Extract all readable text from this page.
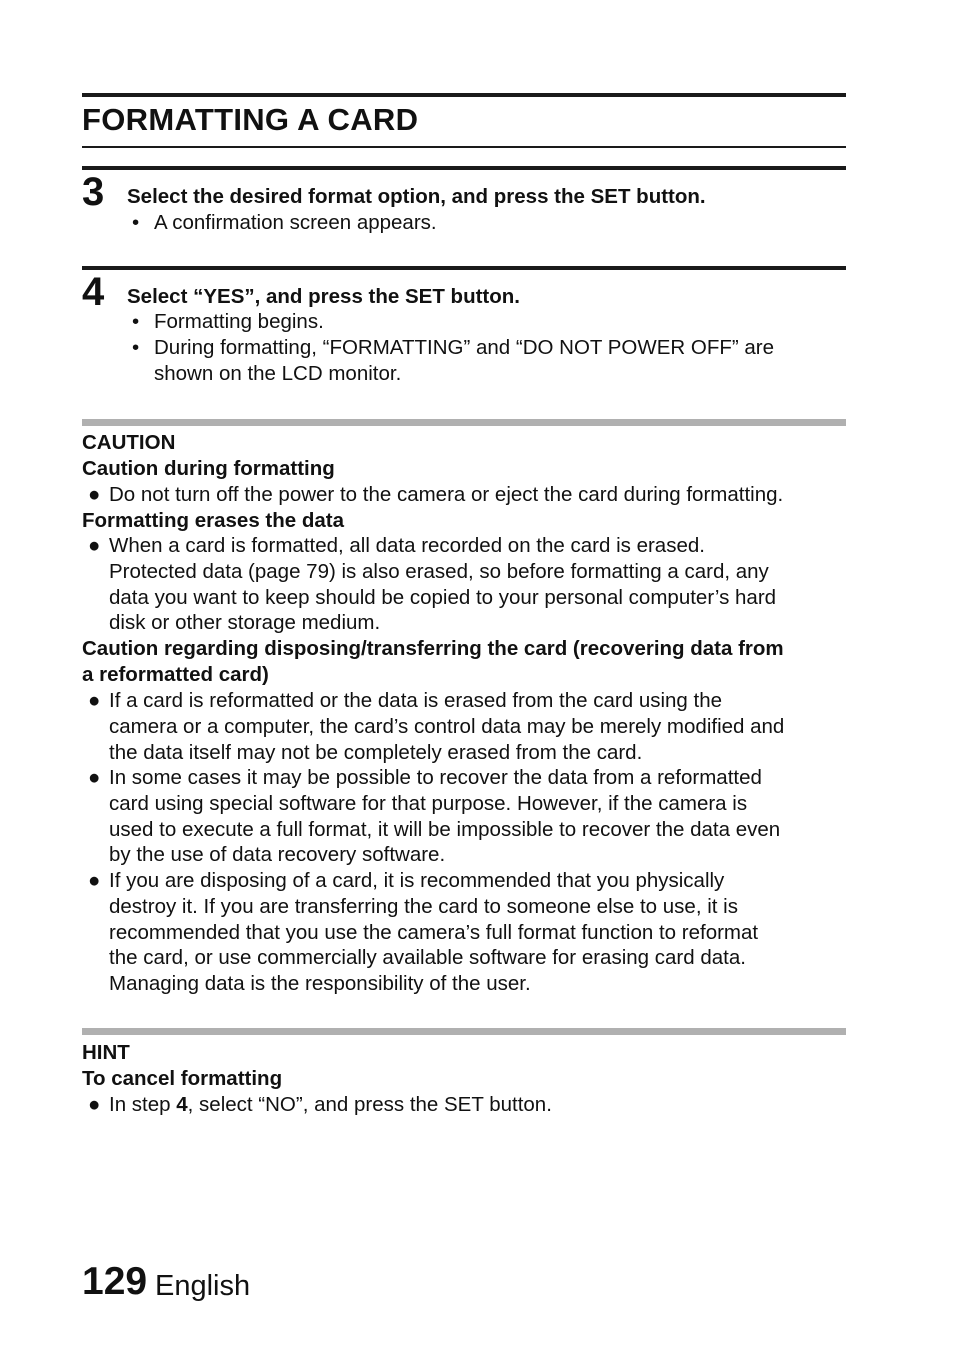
FORMATTING A CARD
3 Select the desired format option, and press the SET button.
• A confirmation screen appears.
4 Select “YES”, and press the SET button.
• Formatting begins.
• During formatting, “FORMATTING” and “DO NOT POWER OFF” are
shown on the LCD monitor.
CAUTION
Caution during formatting
● Do not turn off the power to the camera or eject the card during formatting.
Formatting erases the data
● When a card is formatted, all data recorded on the card is erased.
Protected data (page 79) is also erased, so before formatting a card, any
data you want to keep should be copied to your personal computer’s hard
disk or other storage medium.
Caution regarding disposing/transferring the card (recovering data from
a reformatted card)
● If a card is reformatted or the data is erased from the card using the
camera or a computer, the card’s control data may be merely modified and
the data itself may not be completely erased from the card.
● In some cases it may be possible to recover the data from a reformatted
card using special software for that purpose. However, if the camera is
used to execute a full format, it will be impossible to recover the data even
by the use of data recovery software.
● If you are disposing of a card, it is recommended that you physically
destroy it. If you are transferring the card to someone else to use, it is
recommended that you use the camera’s full format function to reformat
the card, or use commercially available software for erasing card data.
Managing data is the responsibility of the user.
HINT
To cancel formatting
● In step 4, select “NO”, and press the SET button.
129 English
